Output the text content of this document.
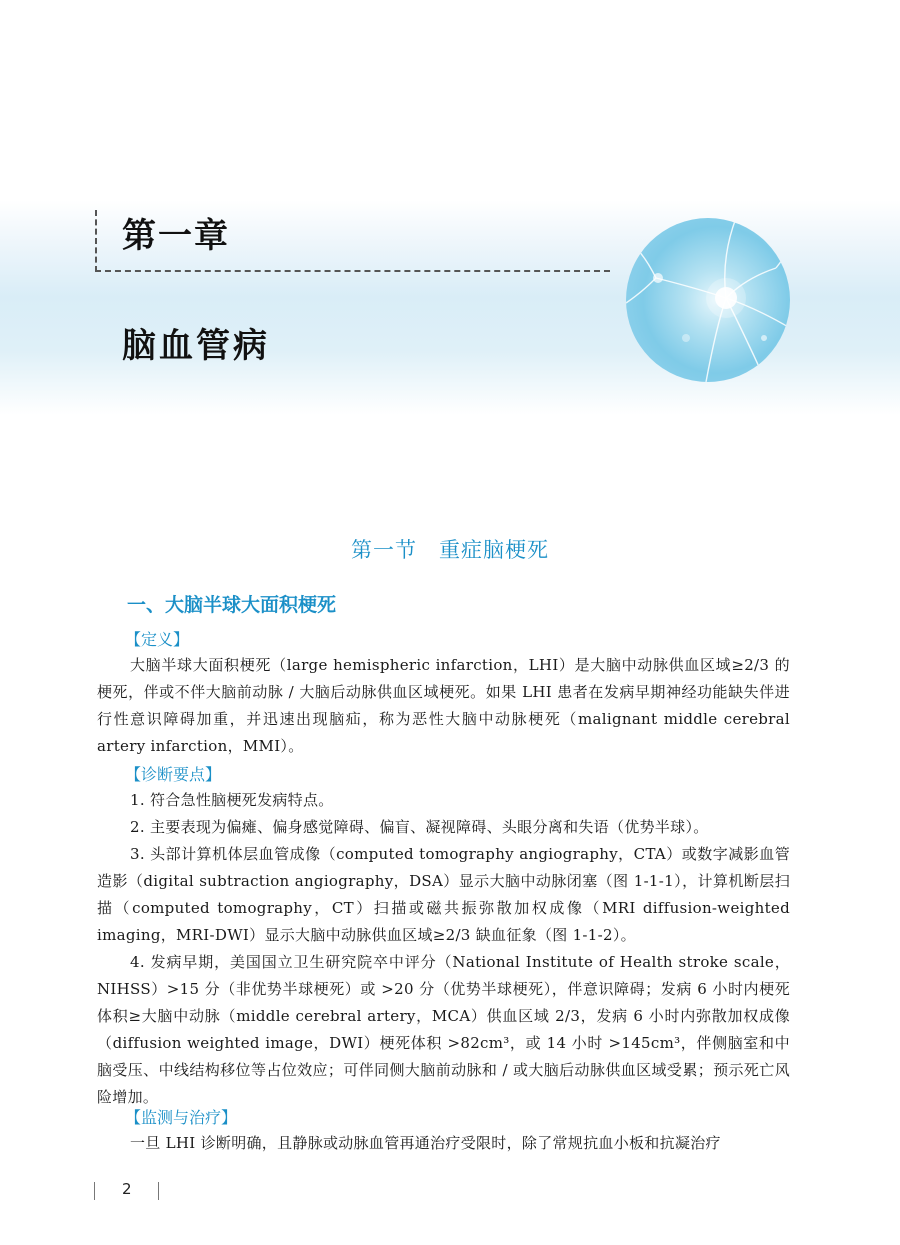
第一章
脑血管病
第一节　重症脑梗死
一、大脑半球大面积梗死
【定义】
大脑半球大面积梗死（large hemispheric infarction，LHI）是大脑中动脉供血区域≥2/3 的梗死，伴或不伴大脑前动脉 / 大脑后动脉供血区域梗死。如果 LHI 患者在发病早期神经功能缺失伴进行性意识障碍加重，并迅速出现脑疝，称为恶性大脑中动脉梗死（malignant middle cerebral artery infarction，MMI）。
【诊断要点】
1. 符合急性脑梗死发病特点。
2. 主要表现为偏瘫、偏身感觉障碍、偏盲、凝视障碍、头眼分离和失语（优势半球）。
3. 头部计算机体层血管成像（computed tomography angiography，CTA）或数字减影血管造影（digital subtraction angiography，DSA）显示大脑中动脉闭塞（图 1-1-1），计算机断层扫描（computed tomography，CT）扫描或磁共振弥散加权成像（MRI diffusion-weighted imaging，MRI-DWI）显示大脑中动脉供血区域≥2/3 缺血征象（图 1-1-2）。
4. 发病早期，美国国立卫生研究院卒中评分（National Institute of Health stroke scale，NIHSS）>15 分（非优势半球梗死）或 >20 分（优势半球梗死），伴意识障碍；发病 6 小时内梗死体积≥大脑中动脉（middle cerebral artery，MCA）供血区域 2/3，发病 6 小时内弥散加权成像（diffusion weighted image，DWI）梗死体积 >82cm³，或 14 小时 >145cm³，伴侧脑室和中脑受压、中线结构移位等占位效应；可伴同侧大脑前动脉和 / 或大脑后动脉供血区域受累；预示死亡风险增加。
【监测与治疗】
一旦 LHI 诊断明确，且静脉或动脉血管再通治疗受限时，除了常规抗血小板和抗凝治疗
2
